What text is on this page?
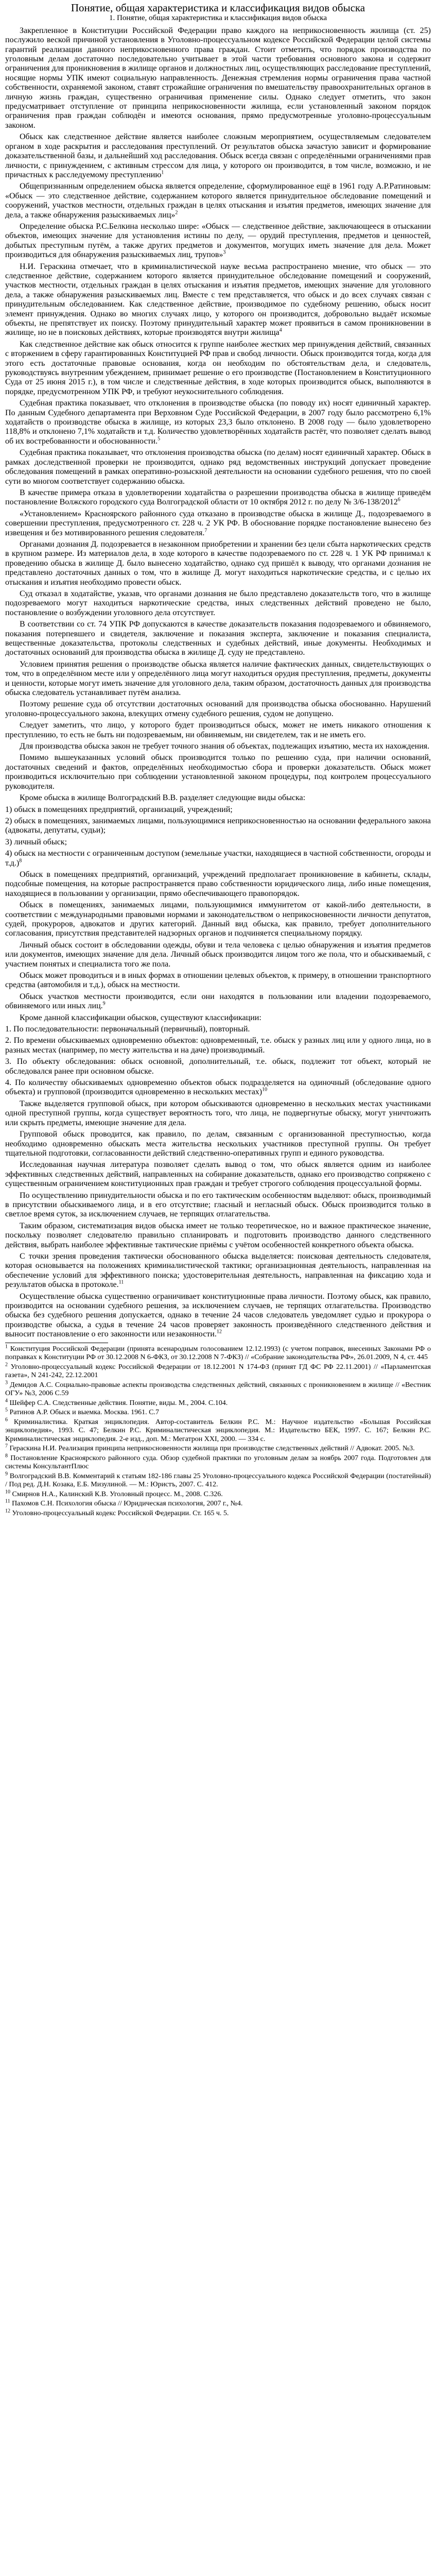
Понятие, общая характеристика и классификация видов обыска
1. Понятие, общая характеристика и классификация видов обыска
Закрепленное в Конституции Российской Федерации право каждого на неприкосновенность жилища (ст. 25) послужило веской причиной установления в Уголовно-процессуальном кодексе Российской Федерации целой системы гарантий реализации данного неприкосновенного права граждан. Стоит отметить, что порядок производства по уголовным делам достаточно последовательно учитывает в этой части требования основного закона и содержит ограничения для проникновения в жилище органов и должностных лиц, осуществляющих расследование преступлений, носящие нормы УПК имеют социальную направленность. Денежная стремления нормы ограничения права частной собственности, охраняемой законом, ставят строжайшие ограничения по вмешательству правоохранительных органов в личную жизнь граждан, существенно ограничивая применение силы. Однако следует отметить, что закон предусматривает отступление от принципа неприкосновенности жилища, если установленный законом порядок ограничения прав граждан соблюдён и имеются основания, прямо предусмотренные уголовно-процессуальным законом.
Обыск как следственное действие является наиболее сложным мероприятием, осуществляемым следователем органом в ходе раскрытия и расследования преступлений. От результатов обыска зачастую зависит и формирование доказательственной базы, и дальнейший ход расследования. Обыск всегда связан с определёнными ограничениями прав личности, с принуждением, с активным стрессом для лица, у которого он производится, в том числе, возможно, и не причастных к расследуемому преступлению$^1$
Общепризнанным определением обыска является определение, сформулированное ещё в 1961 году А.Р.Ратиновым: «Обыск — это следственное действие, содержанием которого является принудительное обследование помещений и сооружений, участков местности, отдельных граждан в целях отыскания и изъятия предметов, имеющих значение для дела, а также обнаружения разыскиваемых лиц»$^2$
Определение обыска Р.С.Белкина несколько шире: «Обыск — следственное действие, заключающееся в отыскании объектов, имеющих значение для установления истины по делу, — орудий преступления, предметов и ценностей, добытых преступным путём, а также других предметов и документов, могущих иметь значение для дела. Может производиться для обнаружения разыскиваемых лиц, трупов»$^3$
Н.И. Гераскина отмечает, что в криминалистической науке весьма распространено мнение, что обыск — это следственное действие, содержанием которого является принудительное обследование помещений и сооружений, участков местности, отдельных граждан в целях отыскания и изъятия предметов, имеющих значение для уголовного дела, а также обнаружения разыскиваемых лиц. Вместе с тем представляется, что обыск и до всех случаях связан с принудительным обследованием. Как следственное действие, производимое по судебному решению, обыск носит элемент принуждения. Однако во многих случаях лицо, у которого он производится, добровольно выдаёт искомые объекты, не препятствует их поиску. Поэтому принудительный характер может проявиться в самом проникновении в жилище, но не в поисковых действиях, которые производятся внутри жилища$^4$
Как следственное действие как обыск относится к группе наиболее жестких мер принуждения действий, связанных с вторжением в сферу гарантированных Конституцией РФ прав и свобод личности. Обыск производится тогда, когда для этого есть достаточные правовые основания, когда он необходим по обстоятельствам дела, и следователь, руководствуясь внутренним убеждением, принимает решение о его производстве (Постановлением в Конституционного Суда от 25 июня 2015 г.), в том числе и следственные действия, в ходе которых производится обыск, выполняются в порядке, предусмотренном УПК РФ, и требуют неукоснительного соблюдения.
Судебная практика показывает, что отклонения в производстве обыска (по поводу их) носят единичный характер. По данным Судебного департамента при Верховном Суде Российской Федерации, в 2007 году было рассмотрено 6,1% ходатайств о производстве обыска в жилище, из которых 23,3 было отклонено. В 2008 году — было удовлетворено 118,8% и отклонено 7,1% ходатайств и т.д. Количество удовлетворённых ходатайств растёт, что позволяет сделать вывод об их востребованности и обоснованности.$^5$
Судебная практика показывает, что отклонения производства обыска (по делам) носят единичный характер. Обыск в рамках доследственной проверки не производится, однако ряд ведомственных инструкций допускает проведение обследования помещений в рамках оперативно-розыскной деятельности на основании судебного решения, что по своей сути во многом соответствует содержанию обыска.
В качестве примера отказа в удовлетворении ходатайства о разрешении производства обыска в жилище приведём постановление Волжского городского суда Волгоградской области от 10 октября 2012 г. по делу № 3/6-138/2012$^6$
«Установлением» Красноярского районного суда отказано в производстве обыска в жилище Д., подозреваемого в совершении преступления, предусмотренного ст. 228 ч. 2 УК РФ. В обоснование порядке постановление вынесено без извещения и без мотивированного решения следователя.$^7$
Органами дознания Д. подозревается в незаконном приобретении и хранении без цели сбыта наркотических средств в крупном размере. Из материалов дела, в ходе которого в качестве подозреваемого по ст. 228 ч. 1 УК РФ принимал к проведению обыска в жилище Д. было вынесено ходатайство, однако суд пришёл к выводу, что органами дознания не представлено достаточных данных о том, что в жилище Д. могут находиться наркотические средства, и с целью их отыскания и изъятия необходимо провести обыск.
Суд отказал в ходатайстве, указав, что органами дознания не было представлено доказательств того, что в жилище подозреваемого могут находиться наркотические средства, иных следственных действий проведено не было, постановление о возбуждении уголовного дела отсутствует.
В соответствии со ст. 74 УПК РФ допускаются в качестве доказательств показания подозреваемого и обвиняемого, показания потерпевшего и свидетеля, заключение и показания эксперта, заключение и показания специалиста, вещественные доказательства, протоколы следственных и судебных действий, иные документы. Необходимых и достаточных оснований для производства обыска в жилище Д. суду не представлено.
Условием принятия решения о производстве обыска является наличие фактических данных, свидетельствующих о том, что в определённом месте или у определённого лица могут находиться орудия преступления, предметы, документы и ценности, которые могут иметь значение для уголовного дела, таким образом, достаточность данных для производства обыска следователь устанавливает путём анализа.
Поэтому решение суда об отсутствии достаточных оснований для производства обыска обоснованно. Нарушений уголовно-процессуального закона, влекущих отмену судебного решения, судом не допущено.
Следует заметить, что лицо, у которого будет производиться обыск, может не иметь никакого отношения к преступлению, то есть не быть ни подозреваемым, ни обвиняемым, ни свидетелем, так и не иметь его.
Для производства обыска закон не требует точного знания об объектах, подлежащих изъятию, места их нахождения.
Помимо вышеуказанных условий обыск производится только по решению суда, при наличии оснований, достаточных сведений и фактов, определённых необходимостью сбора и проверки доказательств. Обыск может производиться исключительно при соблюдении установленной законом процедуры, под контролем процессуального руководителя.
Кроме обыска в жилище Волгоградский В.В. разделяет следующие виды обыска:
1) обыск в помещениях предприятий, организаций, учреждений;
2) обыск в помещениях, занимаемых лицами, пользующимися неприкосновенностью на основании федерального закона (адвокаты, депутаты, судьи);
3) личный обыск;
4) обыск на местности с ограниченным доступом (земельные участки, находящиеся в частной собственности, огороды и т.д.)$^8$
Обыск в помещениях предприятий, организаций, учреждений предполагает проникновение в кабинеты, склады, подсобные помещения, на которые распространяется право собственности юридического лица, либо иные помещения, находящиеся в пользовании у организации, прямо обеспечивающего правопорядок.
Обыск в помещениях, занимаемых лицами, пользующимися иммунитетом от какой-либо деятельности, в соответствии с международными правовыми нормами и законодательством о неприкосновенности личности депутатов, судей, прокуроров, адвокатов и других категорий. Данный вид обыска, как правило, требует дополнительного согласования, присутствия представителей надзорных органов и подчиняется специальному порядку.
Личный обыск состоит в обследовании одежды, обуви и тела человека с целью обнаружения и изъятия предметов или документов, имеющих значение для дела. Личный обыск производится лицом того же пола, что и обыскиваемый, с участием понятых и специалиста того же пола.
Обыск может проводиться и в иных формах в отношении целевых объектов, к примеру, в отношении транспортного средства (автомобиля и т.д.), обыск на местности.
Обыск участков местности производится, если они находятся в пользовании или владении подозреваемого, обвиняемого или иных лиц.$^9$
Кроме данной классификации обысков, существуют классификации:
1. По последовательности: первоначальный (первичный), повторный.
2. По времени обыскиваемых одновременно объектов: одновременный, т.е. обыск у разных лиц или у одного лица, но в разных местах (например, по месту жительства и на даче) производимый.
3. По объекту обследования: обыск основной, дополнительный, т.е. обыск, подлежит тот объект, который не обследовался ранее при основном обыске.
4. По количеству обыскиваемых одновременно объектов обыск подразделяется на одиночный (обследование одного объекта) и групповой (производится одновременно в нескольких местах)$^{10}$
Также выделяется групповой обыск, при котором обыскиваются одновременно в нескольких местах участниками одной преступной группы, когда существует вероятность того, что лица, не подвергнутые обыску, могут уничтожить или скрыть предметы, имеющие значение для дела.
Групповой обыск проводится, как правило, по делам, связанным с организованной преступностью, когда необходимо одновременно обыскать места жительства нескольких участников преступной группы. Он требует тщательной подготовки, согласованности действий следственно-оперативных групп и единого руководства.
Исследованная научная литература позволяет сделать вывод о том, что обыск является одним из наиболее эффективных следственных действий, направленных на собирание доказательств, однако его производство сопряжено с существенным ограничением конституционных прав граждан и требует строгого соблюдения процессуальной формы.
По осуществлению принудительности обыска и по его тактическим особенностям выделяют: обыск, производимый в присутствии обыскиваемого лица, и в его отсутствие; гласный и негласный обыск. Обыск производится только в светлое время суток, за исключением случаев, не терпящих отлагательства.
Таким образом, систематизация видов обыска имеет не только теоретическое, но и важное практическое значение, поскольку позволяет следователю правильно спланировать и подготовить производство данного следственного действия, выбрать наиболее эффективные тактические приёмы с учётом особенностей конкретного объекта обыска.
С точки зрения проведения тактически обоснованного обыска выделяется: поисковая деятельность следователя, которая основывается на положениях криминалистической тактики; организационная деятельность, направленная на обеспечение условий для эффективного поиска; удостоверительная деятельность, направленная на фиксацию хода и результатов обыска в протоколе.$^{11}$
Осуществление обыска существенно ограничивает конституционные права личности. Поэтому обыск, как правило, производится на основании судебного решения, за исключением случаев, не терпящих отлагательства. Производство обыска без судебного решения допускается, однако в течение 24 часов следователь уведомляет судью и прокурора о производстве обыска, а судья в течение 24 часов проверяет законность произведённого следственного действия и выносит постановление о его законности или незаконности.$^{12}$
$^1$ Конституция Российской Федерации (принята всенародным голосованием 12.12.1993) (с учетом поправок, внесенных Законами РФ о поправках к Конституции РФ от 30.12.2008 N 6-ФКЗ, от 30.12.2008 N 7-ФКЗ) // «Собрание законодательства РФ», 26.01.2009, N 4, ст. 445
$^2$ Уголовно-процессуальный кодекс Российской Федерации от 18.12.2001 N 174-ФЗ (принят ГД ФС РФ 22.11.2001) // «Парламентская газета», N 241-242, 22.12.2001
$^3$ Демидов А.С. Социально-правовые аспекты производства следственных действий, связанных с проникновением в жилище // «Вестник ОГУ» №3, 2006 С.59
$^4$ Шейфер С.А. Следственные действия. Понятие, виды. М., 2004. С.104.
$^5$ Ратинов А.Р. Обыск и выемка. Москва. 1961. С.7
$^6$ Криминалистика. Краткая энциклопедия. Автор-составитель Белкин Р.С. М.: Научное издательство «Большая Российская энциклопедия», 1993. С. 47; Белкин Р.С. Криминалистическая энциклопедия. М.: Издательство БЕК, 1997. С. 167; Белкин Р.С. Криминалистическая энциклопедия. 2-е изд., доп. М.: Мегатрон XXI, 2000. — 334 с.
$^7$ Гераскина Н.И. Реализация принципа неприкосновенности жилища при производстве следственных действий // Адвокат. 2005. №3.
$^8$ Постановление Красноярского районного суда. Обзор судебной практики по уголовным делам за ноябрь 2007 года. Подготовлен для системы КонсультантПлюс
$^9$ Волгоградский В.В. Комментарий к статьям 182-186 главы 25 Уголовно-процессуального кодекса Российской Федерации (постатейный) / Под ред. Д.Н. Козака, Е.Б. Мизулиной. — М.: Юристъ, 2007. С. 412.
$^{10}$ Смирнов Н.А., Калинский К.В. Уголовный процесс. М., 2008. С.326.
$^{11}$ Пахомов С.Н. Психология обыска // Юридическая психология, 2007 г., №4.
$^{12}$ Уголовно-процессуальный кодекс Российской Федерации. Ст. 165 ч. 5.
